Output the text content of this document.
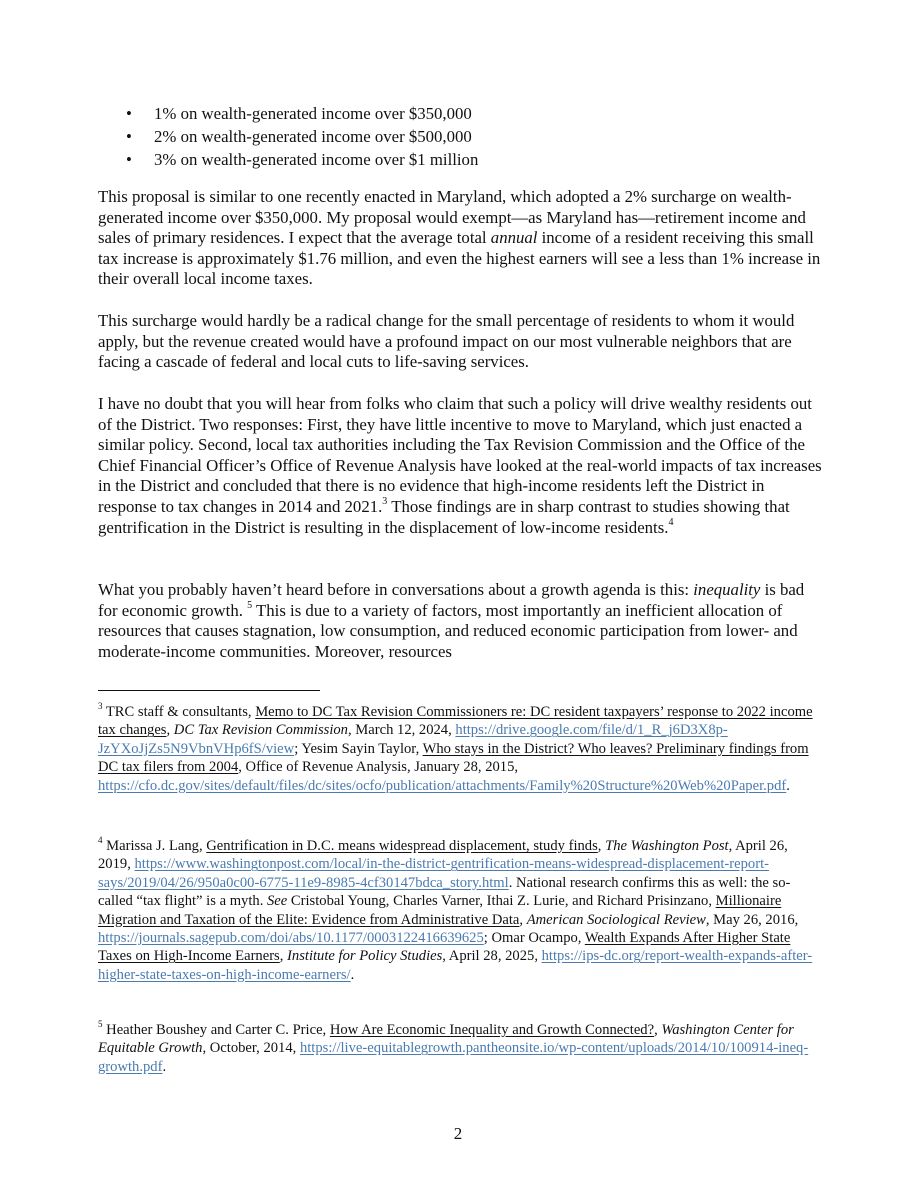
• 1% on wealth-generated income over $350,000
• 2% on wealth-generated income over $500,000
• 3% on wealth-generated income over $1 million

This proposal is similar to one recently enacted in Maryland, which adopted a 2% surcharge on wealth-generated income over $350,000. My proposal would exempt—as Maryland has—retirement income and sales of primary residences. I expect that the average total annual income of a resident receiving this small tax increase is approximately $1.76 million, and even the highest earners will see a less than 1% increase in their overall local income taxes.

This surcharge would hardly be a radical change for the small percentage of residents to whom it would apply, but the revenue created would have a profound impact on our most vulnerable neighbors that are facing a cascade of federal and local cuts to life-saving services.

I have no doubt that you will hear from folks who claim that such a policy will drive wealthy residents out of the District. Two responses: First, they have little incentive to move to Maryland, which just enacted a similar policy. Second, local tax authorities including the Tax Revision Commission and the Office of the Chief Financial Officer’s Office of Revenue Analysis have looked at the real-world impacts of tax increases in the District and concluded that there is no evidence that high-income residents left the District in response to tax changes in 2014 and 2021.$^3$ Those findings are in sharp contrast to studies showing that gentrification in the District is resulting in the displacement of low-income residents.$^4$

What you probably haven’t heard before in conversations about a growth agenda is this: inequality is bad for economic growth. $^5$ This is due to a variety of factors, most importantly an inefficient allocation of resources that causes stagnation, low consumption, and reduced economic participation from lower- and moderate-income communities. Moreover, resources

$^3$ TRC staff & consultants, Memo to DC Tax Revision Commissioners re: DC resident taxpayers’ response to 2022 income tax changes, DC Tax Revision Commission, March 12, 2024, https://drive.google.com/file/d/1_R_j6D3X8p-JzYXoJjZs5N9VbnVHp6fS/view; Yesim Sayin Taylor, Who stays in the District? Who leaves? Preliminary findings from DC tax filers from 2004, Office of Revenue Analysis, January 28, 2015, https://cfo.dc.gov/sites/default/files/dc/sites/ocfo/publication/attachments/Family%20Structure%20Web%20Paper.pdf.

$^4$ Marissa J. Lang, Gentrification in D.C. means widespread displacement, study finds, The Washington Post, April 26, 2019, https://www.washingtonpost.com/local/in-the-district-gentrification-means-widespread-displacement-report-says/2019/04/26/950a0c00-6775-11e9-8985-4cf30147bdca_story.html. National research confirms this as well: the so-called “tax flight” is a myth. See Cristobal Young, Charles Varner, Ithai Z. Lurie, and Richard Prisinzano, Millionaire Migration and Taxation of the Elite: Evidence from Administrative Data, American Sociological Review, May 26, 2016, https://journals.sagepub.com/doi/abs/10.1177/0003122416639625; Omar Ocampo, Wealth Expands After Higher State Taxes on High-Income Earners, Institute for Policy Studies, April 28, 2025, https://ips-dc.org/report-wealth-expands-after-higher-state-taxes-on-high-income-earners/.

$^5$ Heather Boushey and Carter C. Price, How Are Economic Inequality and Growth Connected?, Washington Center for Equitable Growth, October, 2014, https://live-equitablegrowth.pantheonsite.io/wp-content/uploads/2014/10/100914-ineq-growth.pdf.

2
